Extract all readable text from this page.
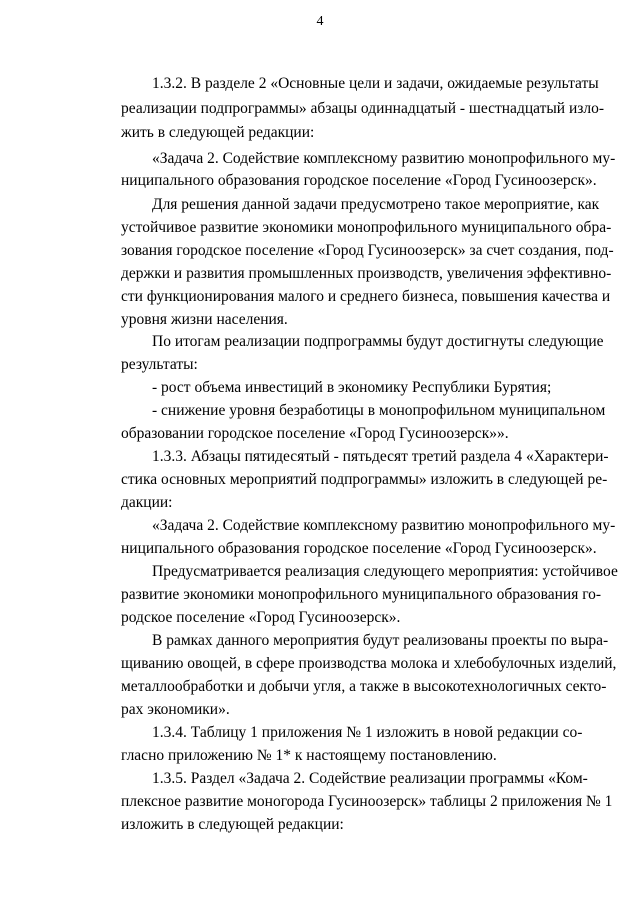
4
1.3.2. В разделе 2 «Основные цели и задачи, ожидаемые результаты
реализации подпрограммы» абзацы одиннадцатый - шестнадцатый изло-
жить в следующей редакции:
«Задача 2. Содействие комплексному развитию монопрофильного му-
ниципального образования городское поселение «Город Гусиноозерск».
Для решения данной задачи предусмотрено такое мероприятие, как
устойчивое развитие экономики монопрофильного муниципального обра-
зования городское поселение «Город Гусиноозерск» за счет создания, под-
держки и развития промышленных производств, увеличения эффективно-
сти функционирования малого и среднего бизнеса, повышения качества и
уровня жизни населения.
По итогам реализации подпрограммы будут достигнуты следующие
результаты:
- рост объема инвестиций в экономику Республики Бурятия;
- снижение уровня безработицы в монопрофильном муниципальном
образовании городское поселение «Город Гусиноозерск»».
1.3.3. Абзацы пятидесятый - пятьдесят третий раздела 4 «Характери-
стика основных мероприятий подпрограммы» изложить в следующей ре-
дакции:
«Задача 2. Содействие комплексному развитию монопрофильного му-
ниципального образования городское поселение «Город Гусиноозерск».
Предусматривается реализация следующего мероприятия: устойчивое
развитие экономики монопрофильного муниципального образования го-
родское поселение «Город Гусиноозерск».
В рамках данного мероприятия будут реализованы проекты по выра-
щиванию овощей, в сфере производства молока и хлебобулочных изделий,
металлообработки и добычи угля, а также в высокотехнологичных секто-
рах экономики».
1.3.4. Таблицу 1 приложения № 1 изложить в новой редакции со-
гласно приложению № 1* к настоящему постановлению.
1.3.5. Раздел «Задача 2. Содействие реализации программы «Ком-
плексное развитие моногорода Гусиноозерск» таблицы 2 приложения № 1
изложить в следующей редакции:
